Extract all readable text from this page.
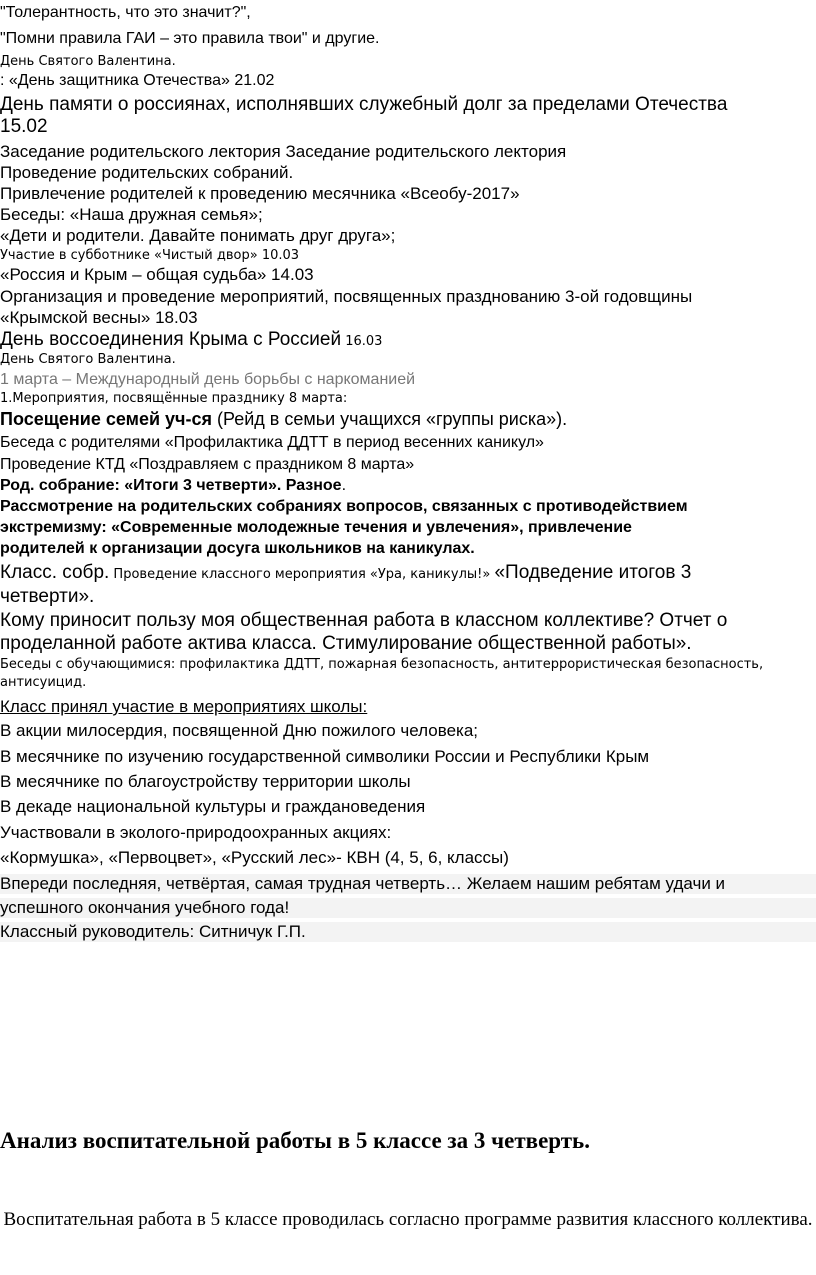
"Толерантность, что это значит?",
"Помни правила ГАИ – это правила твои" и другие.
День Святого Валентина.
: «День защитника Отечества» 21.02
День памяти о россиянах, исполнявших служебный долг за пределами Отечества
15.02
Заседание родительского лектория Заседание родительского лектория
Проведение родительских собраний.
Привлечение родителей к проведению месячника «Всеобу-2017»
Беседы: «Наша дружная семья»;
«Дети и родители. Давайте понимать друг друга»;
Участие в субботнике «Чистый двор» 10.03
«Россия и Крым – общая судьба» 14.03
Организация и проведение мероприятий, посвященных празднованию 3-ой годовщины
«Крымской весны» 18.03
День воссоединения Крыма с Россией 16.03
День Святого Валентина.
1 марта – Международный день борьбы с наркоманией
1.Мероприятия, посвящённые празднику 8 марта:
Посещение семей уч-ся (Рейд в семьи учащихся «группы риска»).
Беседа с родителями «Профилактика ДДТТ в период весенних каникул»
Проведение КТД «Поздравляем с праздником 8 марта»
Род. собрание: «Итоги 3 четверти». Разное.
Рассмотрение на родительских собраниях вопросов, связанных с противодействием
экстремизму: «Современные молодежные течения и увлечения», привлечение
родителей к организации досуга школьников на каникулах.
Класс. собр. Проведение классного мероприятия «Ура, каникулы!» «Подведение итогов 3
четверти».
Кому приносит пользу моя общественная работа в классном коллективе? Отчет о
проделанной работе актива класса. Стимулирование общественной работы».
Беседы с обучающимися: профилактика ДДТТ, пожарная безопасность, антитеррористическая безопасность,
антисуицид.
Класс принял участие в мероприятиях школы:
В акции милосердия, посвященной Дню пожилого человека;
В месячнике по изучению государственной символики России и Республики Крым
В месячнике по благоустройству территории школы
В декаде национальной культуры и граждановедения
Участвовали в эколого-природоохранных акциях:
«Кормушка», «Первоцвет», «Русский лес»- КВН (4, 5, 6, классы)
Впереди последняя, четвёртая, самая трудная четверть… Желаем нашим ребятам удачи и
успешного окончания учебного года!
Классный руководитель: Ситничук Г.П.
Анализ воспитательной работы в 5 классе за 3 четверть.
Воспитательная работа в 5 классе проводилась согласно программе развития классного коллектива.
